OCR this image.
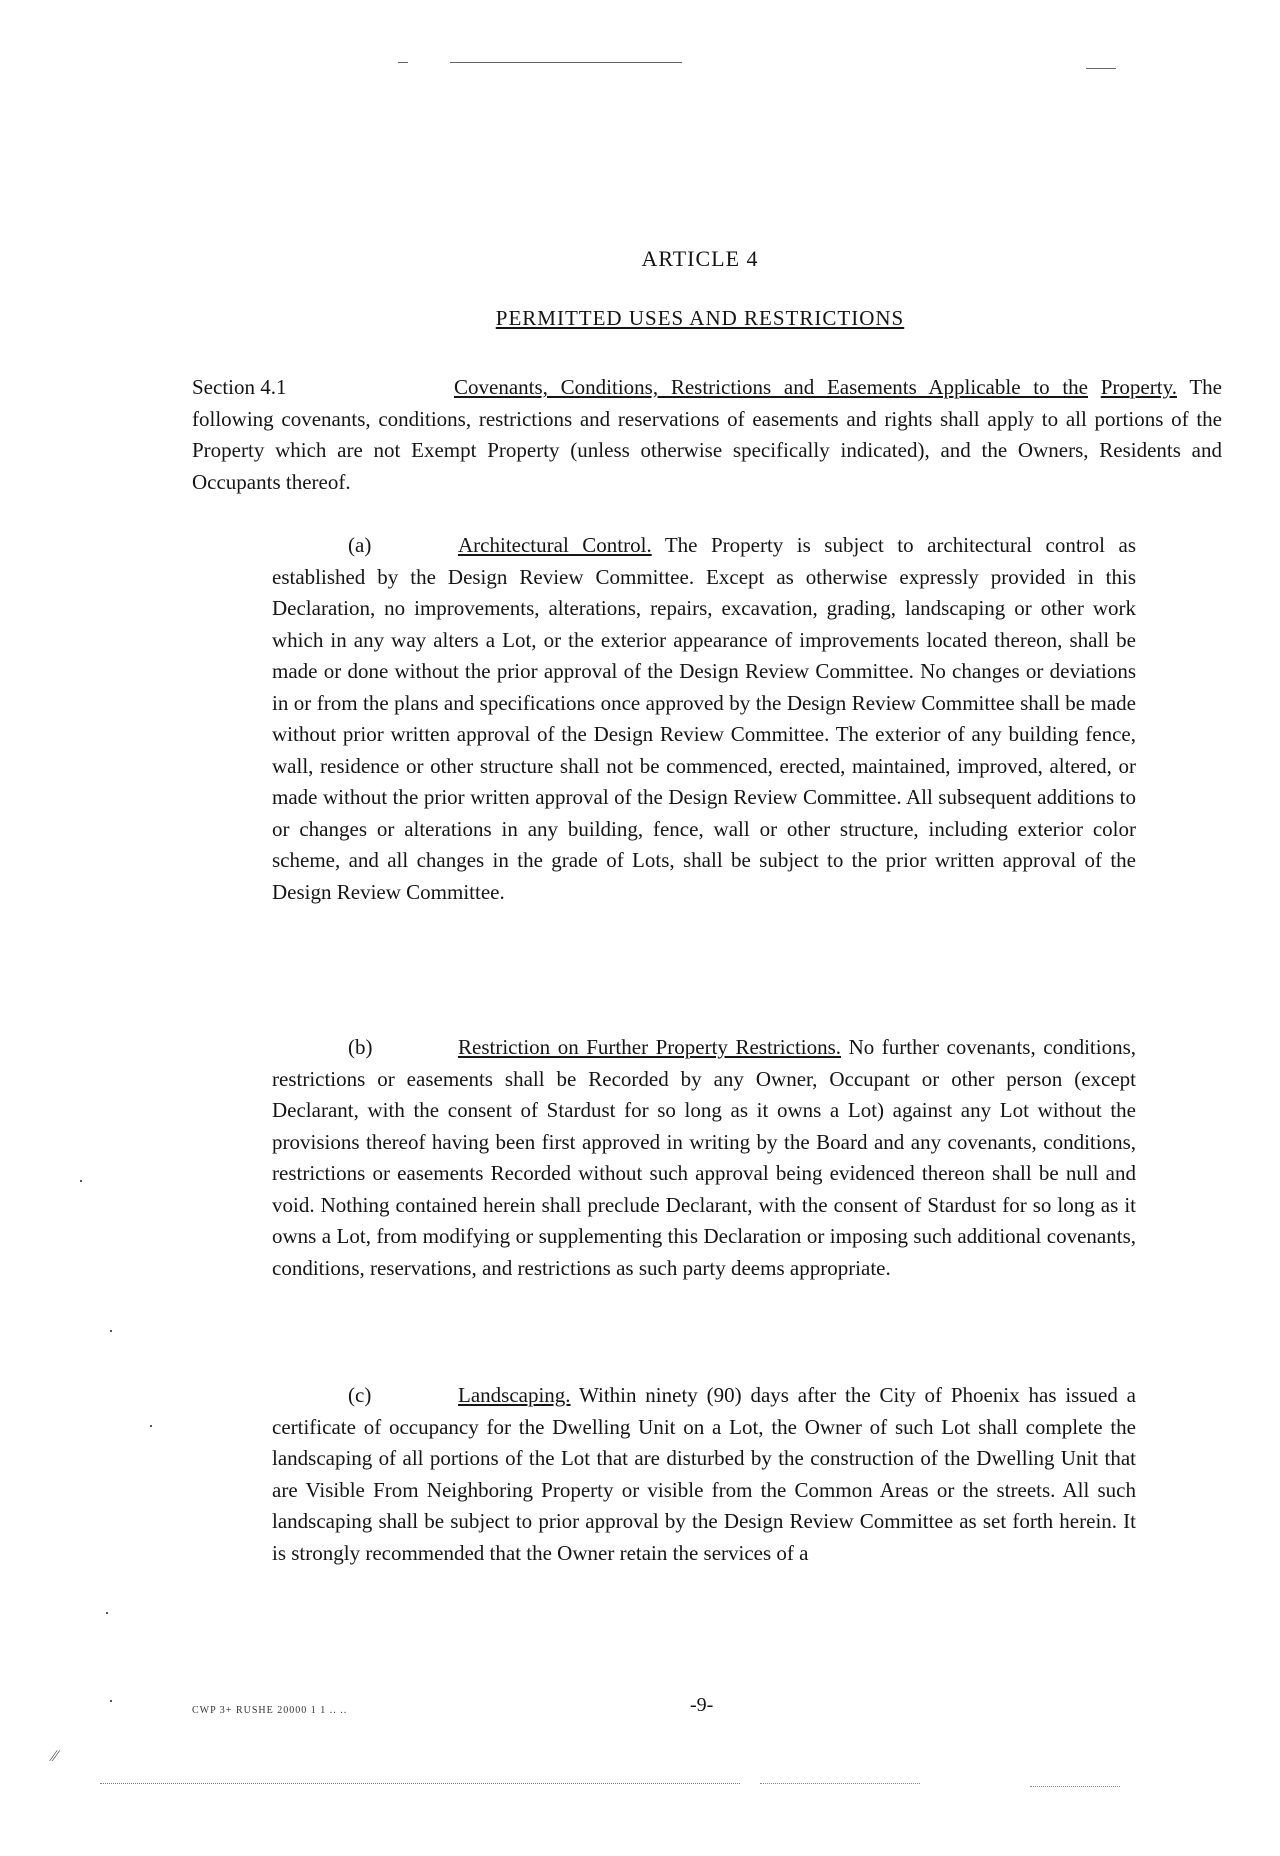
⁄⁄
ARTICLE 4
PERMITTED USES AND RESTRICTIONS
Section 4.1	Covenants, Conditions, Restrictions and Easements Applicable to the Property. The following covenants, conditions, restrictions and reservations of easements and rights shall apply to all portions of the Property which are not Exempt Property (unless otherwise specifically indicated), and the Owners, Residents and Occupants thereof.
(a)	Architectural Control. The Property is subject to architectural control as established by the Design Review Committee. Except as otherwise expressly provided in this Declaration, no improvements, alterations, repairs, excavation, grading, landscaping or other work which in any way alters a Lot, or the exterior appearance of improvements located thereon, shall be made or done without the prior approval of the Design Review Committee. No changes or deviations in or from the plans and specifications once approved by the Design Review Committee shall be made without prior written approval of the Design Review Committee. The exterior of any building fence, wall, residence or other structure shall not be commenced, erected, maintained, improved, altered, or made without the prior written approval of the Design Review Committee. All subsequent additions to or changes or alterations in any building, fence, wall or other structure, including exterior color scheme, and all changes in the grade of Lots, shall be subject to the prior written approval of the Design Review Committee.
(b)	Restriction on Further Property Restrictions. No further covenants, conditions, restrictions or easements shall be Recorded by any Owner, Occupant or other person (except Declarant, with the consent of Stardust for so long as it owns a Lot) against any Lot without the provisions thereof having been first approved in writing by the Board and any covenants, conditions, restrictions or easements Recorded without such approval being evidenced thereon shall be null and void. Nothing contained herein shall preclude Declarant, with the consent of Stardust for so long as it owns a Lot, from modifying or supplementing this Declaration or imposing such additional covenants, conditions, reservations, and restrictions as such party deems appropriate.
(c)	Landscaping. Within ninety (90) days after the City of Phoenix has issued a certificate of occupancy for the Dwelling Unit on a Lot, the Owner of such Lot shall complete the landscaping of all portions of the Lot that are disturbed by the construction of the Dwelling Unit that are Visible From Neighboring Property or visible from the Common Areas or the streets. All such landscaping shall be subject to prior approval by the Design Review Committee as set forth herein. It is strongly recommended that the Owner retain the services of a
CWP 3+ RUSHE 20000 1 1 .. ..	-9-
